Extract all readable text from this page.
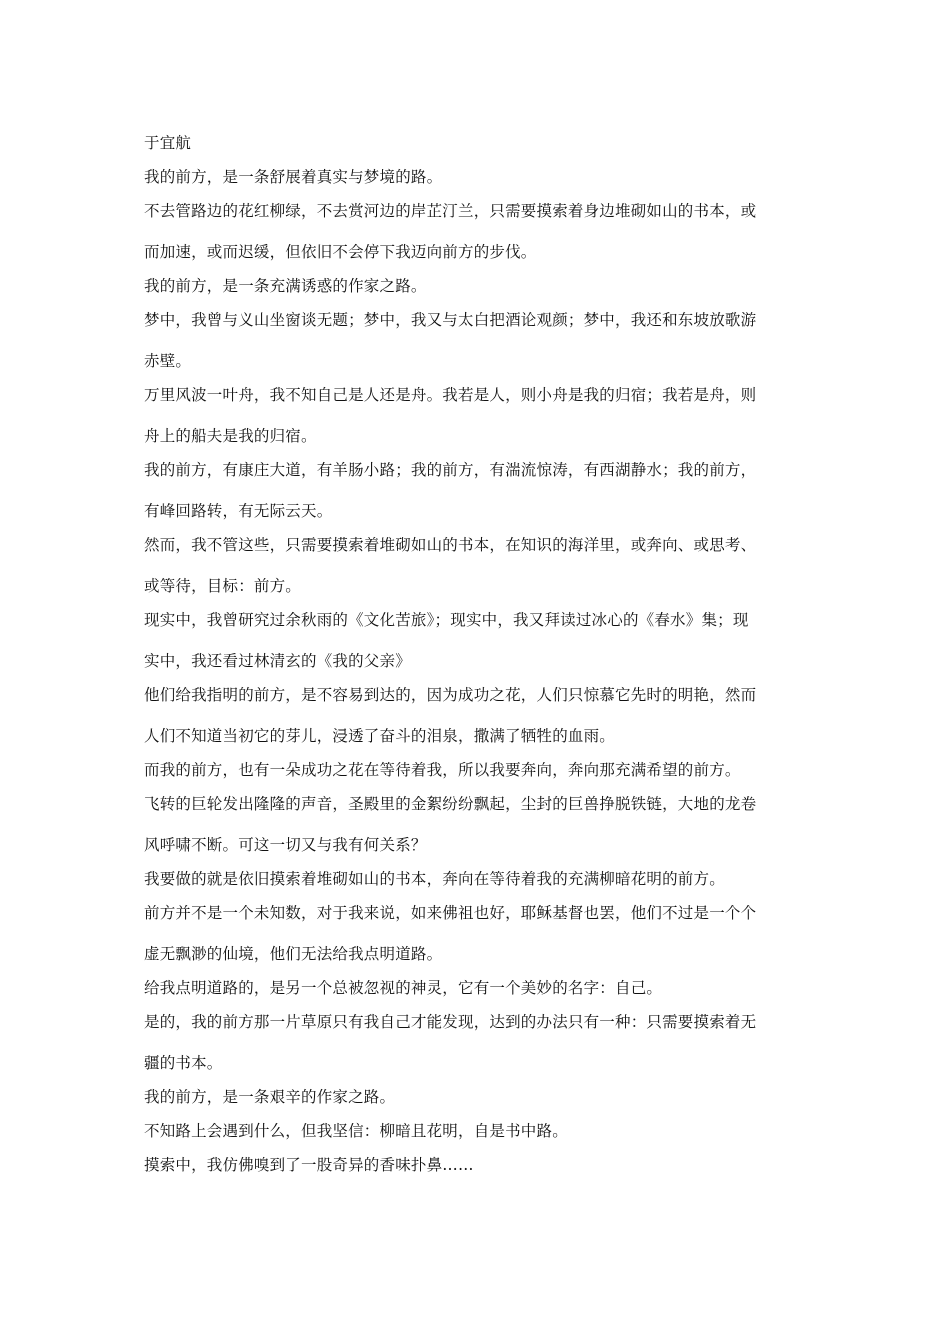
于宜航
我的前方，是一条舒展着真实与梦境的路。
不去管路边的花红柳绿，不去赏河边的岸芷汀兰，只需要摸索着身边堆砌如山的书本，或
而加速，或而迟缓，但依旧不会停下我迈向前方的步伐。
我的前方，是一条充满诱惑的作家之路。
梦中，我曾与义山坐窗谈无题；梦中，我又与太白把酒论观颜；梦中，我还和东坡放歌游
赤壁。
万里风波一叶舟，我不知自己是人还是舟。我若是人，则小舟是我的归宿；我若是舟，则
舟上的船夫是我的归宿。
我的前方，有康庄大道，有羊肠小路；我的前方，有湍流惊涛，有西湖静水；我的前方，
有峰回路转，有无际云天。
然而，我不管这些，只需要摸索着堆砌如山的书本，在知识的海洋里，或奔向、或思考、
或等待，目标：前方。
现实中，我曾研究过余秋雨的《文化苦旅》；现实中，我又拜读过冰心的《春水》集；现
实中，我还看过林清玄的《我的父亲》
他们给我指明的前方，是不容易到达的，因为成功之花，人们只惊慕它先时的明艳，然而
人们不知道当初它的芽儿，浸透了奋斗的泪泉，撒满了牺牲的血雨。
而我的前方，也有一朵成功之花在等待着我，所以我要奔向，奔向那充满希望的前方。
飞转的巨轮发出隆隆的声音，圣殿里的金絮纷纷飘起，尘封的巨兽挣脱铁链，大地的龙卷
风呼啸不断。可这一切又与我有何关系？
我要做的就是依旧摸索着堆砌如山的书本，奔向在等待着我的充满柳暗花明的前方。
前方并不是一个未知数，对于我来说，如来佛祖也好，耶稣基督也罢，他们不过是一个个
虚无飘渺的仙境，他们无法给我点明道路。
给我点明道路的，是另一个总被忽视的神灵，它有一个美妙的名字：自己。
是的，我的前方那一片草原只有我自己才能发现，达到的办法只有一种：只需要摸索着无
疆的书本。
我的前方，是一条艰辛的作家之路。
不知路上会遇到什么，但我坚信：柳暗且花明，自是书中路。
摸索中，我仿佛嗅到了一股奇异的香味扑鼻……
